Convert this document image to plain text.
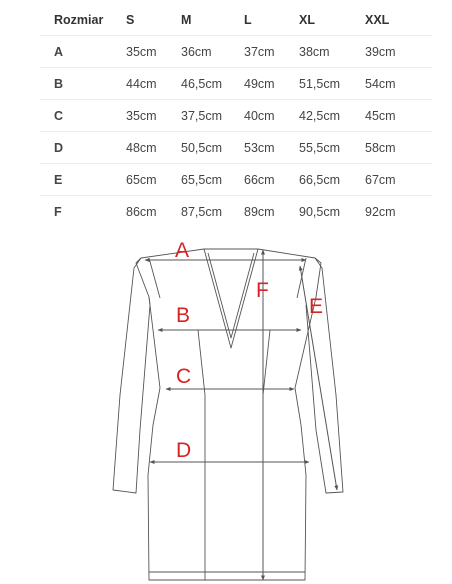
Rozmiar	S	M	L	XL	XXL
A	35cm	36cm	37cm	38cm	39cm
B	44cm	46,5cm	49cm	51,5cm	54cm
C	35cm	37,5cm	40cm	42,5cm	45cm
D	48cm	50,5cm	53cm	55,5cm	58cm
E	65cm	65,5cm	66cm	66,5cm	67cm
F	86cm	87,5cm	89cm	90,5cm	92cm
A
B
C
D
E
F
